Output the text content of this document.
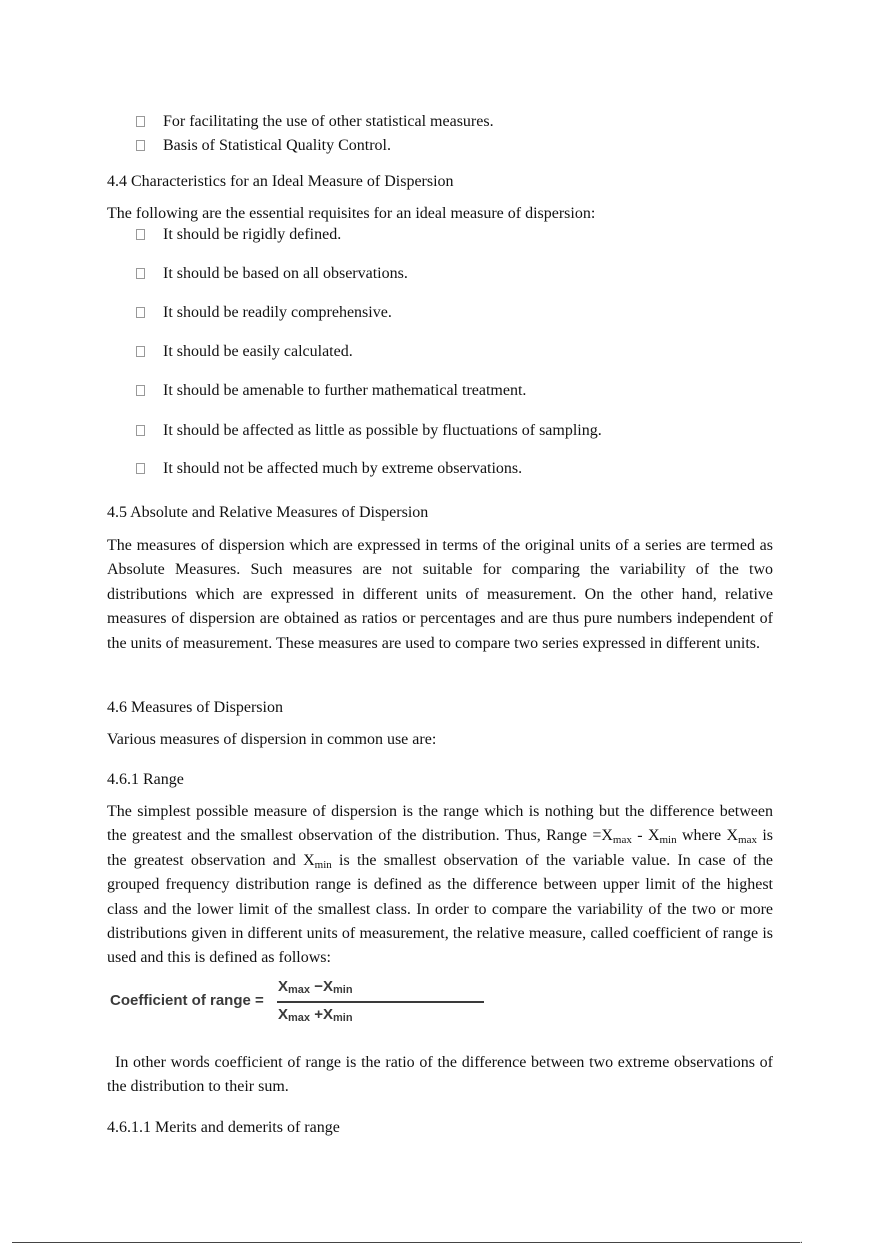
For facilitating the use of other statistical measures.
Basis of Statistical Quality Control.
4.4 Characteristics for an Ideal Measure of Dispersion
The following are the essential requisites for an ideal measure of dispersion:
It should be rigidly defined.
It should be based on all observations.
It should be readily comprehensive.
It should be easily calculated.
It should be amenable to further mathematical treatment.
It should be affected as little as possible by fluctuations of sampling.
It should not be affected much by extreme observations.
4.5 Absolute and Relative Measures of Dispersion

The measures of dispersion which are expressed in terms of the original units of a series are termed as Absolute Measures. Such measures are not suitable for comparing the variability of the two distributions which are expressed in different units of measurement. On the other hand, relative measures of dispersion are obtained as ratios or percentages and are thus pure numbers independent of the units of measurement. These measures are used to compare two series expressed in different units.

4.6 Measures of Dispersion
Various measures of dispersion in common use are:
4.6.1 Range

The simplest possible measure of dispersion is the range which is nothing but the difference between the greatest and the smallest observation of the distribution. Thus, Range $=X_{max} - X_{min}$ where $X_{max}$ is the greatest observation and $X_{min}$ is the smallest observation of the variable value. In case of the grouped frequency distribution range is defined as the difference between upper limit of the highest class and the lower limit of the smallest class. In order to compare the variability of the two or more distributions given in different units of measurement, the relative measure, called coefficient of range is used and this is defined as follows:

Coefficient of range =
$X_{max} -X_{min}$
$X_{max} +X_{min}$

In other words coefficient of range is the ratio of the difference between two extreme observations of the distribution to their sum.

4.6.1.1 Merits and demerits of range
.
